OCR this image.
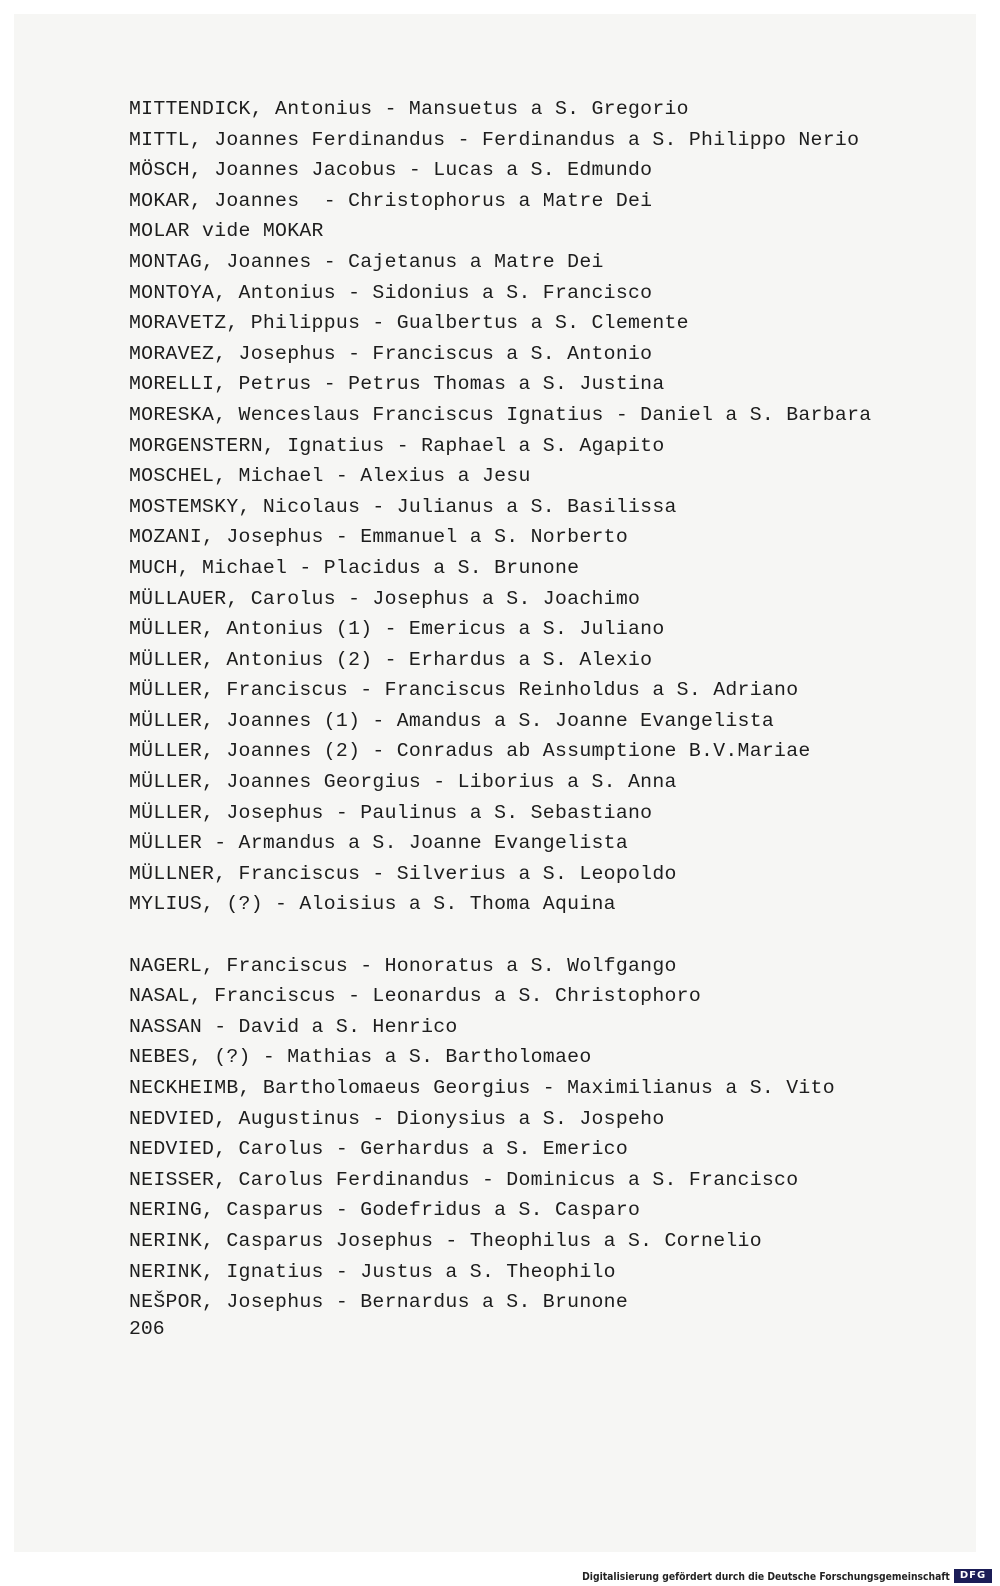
MITTENDICK, Antonius - Mansuetus a S. Gregorio
MITTL, Joannes Ferdinandus - Ferdinandus a S. Philippo Nerio
MÖSCH, Joannes Jacobus - Lucas a S. Edmundo
MOKAR, Joannes  - Christophorus a Matre Dei
MOLAR vide MOKAR
MONTAG, Joannes - Cajetanus a Matre Dei
MONTOYA, Antonius - Sidonius a S. Francisco
MORAVETZ, Philippus - Gualbertus a S. Clemente
MORAVEZ, Josephus - Franciscus a S. Antonio
MORELLI, Petrus - Petrus Thomas a S. Justina
MORESKA, Wenceslaus Franciscus Ignatius - Daniel a S. Barbara
MORGENSTERN, Ignatius - Raphael a S. Agapito
MOSCHEL, Michael - Alexius a Jesu
MOSTEMSKY, Nicolaus - Julianus a S. Basilissa
MOZANI, Josephus - Emmanuel a S. Norberto
MUCH, Michael - Placidus a S. Brunone
MÜLLAUER, Carolus - Josephus a S. Joachimo
MÜLLER, Antonius (1) - Emericus a S. Juliano
MÜLLER, Antonius (2) - Erhardus a S. Alexio
MÜLLER, Franciscus - Franciscus Reinholdus a S. Adriano
MÜLLER, Joannes (1) - Amandus a S. Joanne Evangelista
MÜLLER, Joannes (2) - Conradus ab Assumptione B.V.Mariae
MÜLLER, Joannes Georgius - Liborius a S. Anna
MÜLLER, Josephus - Paulinus a S. Sebastiano
MÜLLER - Armandus a S. Joanne Evangelista
MÜLLNER, Franciscus - Silverius a S. Leopoldo
MYLIUS, (?) - Aloisius a S. Thoma Aquina
NAGERL, Franciscus - Honoratus a S. Wolfgango
NASAL, Franciscus - Leonardus a S. Christophoro
NASSAN - David a S. Henrico
NEBES, (?) - Mathias a S. Bartholomaeo
NECKHEIMB, Bartholomaeus Georgius - Maximilianus a S. Vito
NEDVIED, Augustinus - Dionysius a S. Jospeho
NEDVIED, Carolus - Gerhardus a S. Emerico
NEISSER, Carolus Ferdinandus - Dominicus a S. Francisco
NERING, Casparus - Godefridus a S. Casparo
NERINK, Casparus Josephus - Theophilus a S. Cornelio
NERINK, Ignatius - Justus a S. Theophilo
NEŠPOR, Josephus - Bernardus a S. Brunone
206
Digitalisierung gefördert durch die Deutsche Forschungsgemeinschaft DFG
